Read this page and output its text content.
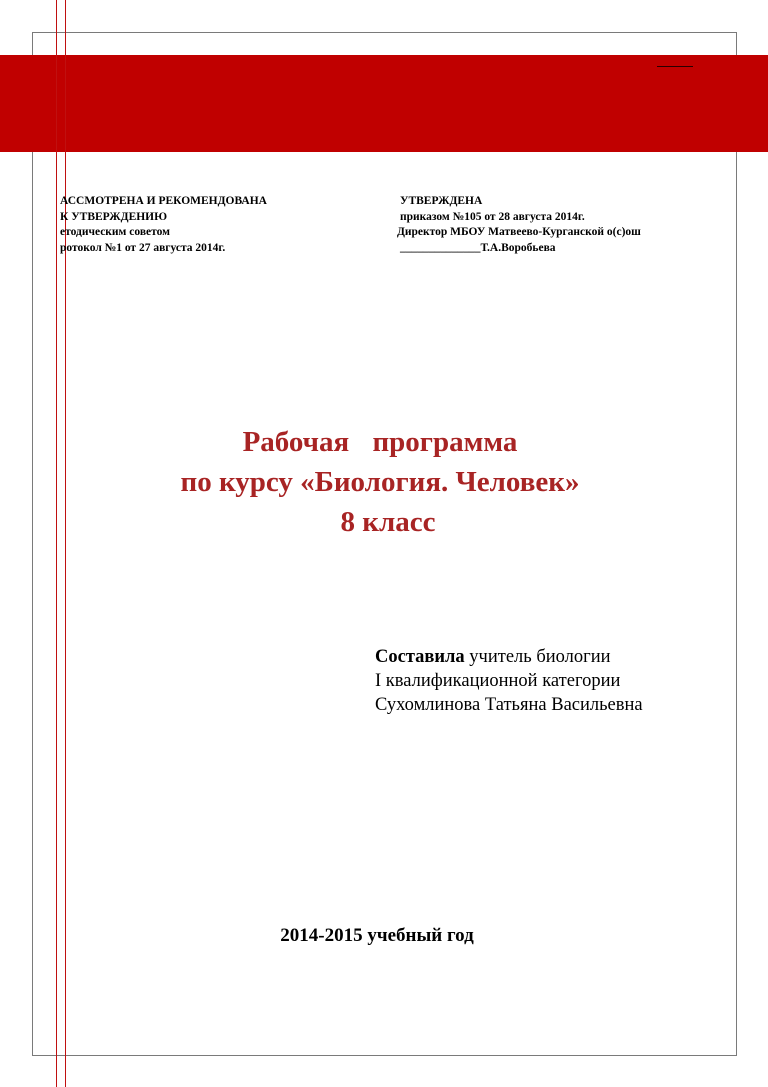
АССМОТРЕНА И РЕКОМЕНДОВАНА
К УТВЕРЖДЕНИЮ
етодическим советом
ротокол №1 от 27 августа 2014г.
УТВЕРЖДЕНА
приказом №105 от 28 августа 2014г.
Директор МБОУ Матвеево-Курганской о(с)ош
______________Т.А.Воробьева
Рабочая программа
по курсу «Биология. Человек»
8 класс
Составила учитель биологии
I квалификационной категории
Сухомлинова Татьяна Васильевна
2014-2015 учебный год
